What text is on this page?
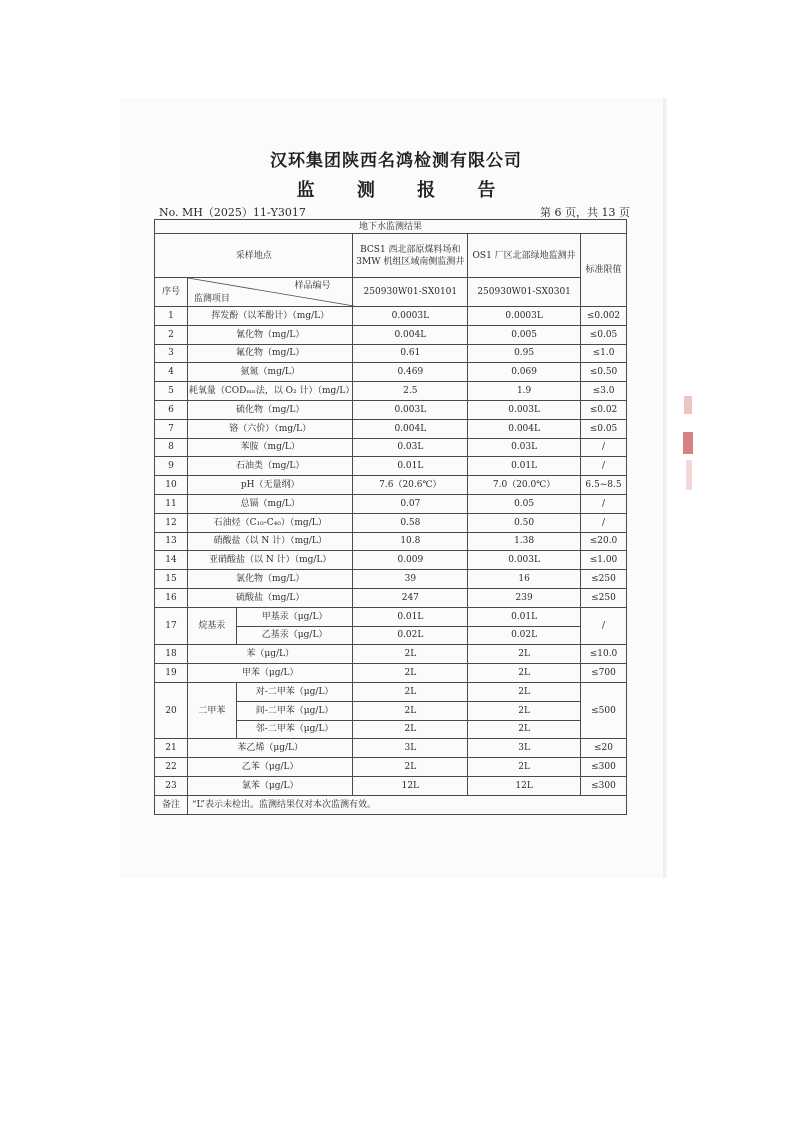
汉环集团陕西名鸿检测有限公司
监 测 报 告
No. MH（2025）11-Y3017	第 6 页，共 13 页
地下水监测结果					
采样地点			BCS1 西北部原煤料场和3MW 机组区域南侧监测井	OS1 厂区北部绿地监测井	标准限值
序号	样品编号
监测项目		250930W01-SX0101	250930W01-SX0301	
1	挥发酚（以苯酚计）（mg/L）		0.0003L	0.0003L	≤0.002
2	氰化物（mg/L）		0.004L	0.005	≤0.05
3	氟化物（mg/L）		0.61	0.95	≤1.0
4	氨氮（mg/L）		0.469	0.069	≤0.50
5	耗氧量（CODₘₙ法，以 O₂ 计）（mg/L）		2.5	1.9	≤3.0
6	硫化物（mg/L）		0.003L	0.003L	≤0.02
7	铬（六价）（mg/L）		0.004L	0.004L	≤0.05
8	苯胺（mg/L）		0.03L	0.03L	/
9	石油类（mg/L）		0.01L	0.01L	/
10	pH（无量纲）		7.6（20.6℃）	7.0（20.0℃）	6.5~8.5
11	总镉（mg/L）		0.07	0.05	/
12	石油烃（C₁₀-C₄₀）（mg/L）		0.58	0.50	/
13	硝酸盐（以 N 计）（mg/L）		10.8	1.38	≤20.0
14	亚硝酸盐（以 N 计）（mg/L）		0.009	0.003L	≤1.00
15	氯化物（mg/L）		39	16	≤250
16	硫酸盐（mg/L）		247	239	≤250
17	烷基汞	甲基汞（μg/L）	0.01L	0.01L	/
		乙基汞（μg/L）	0.02L	0.02L	
18	苯（μg/L）		2L	2L	≤10.0
19	甲苯（μg/L）		2L	2L	≤700
20	二甲苯	对-二甲苯（μg/L）	2L	2L	≤500
		间-二甲苯（μg/L）	2L	2L	
		邻-二甲苯（μg/L）	2L	2L	
21	苯乙烯（μg/L）		3L	3L	≤20
22	乙苯（μg/L）		2L	2L	≤300
23	氯苯（μg/L）		12L	12L	≤300
备注	“L”表示未检出。监测结果仅对本次监测有效。				
